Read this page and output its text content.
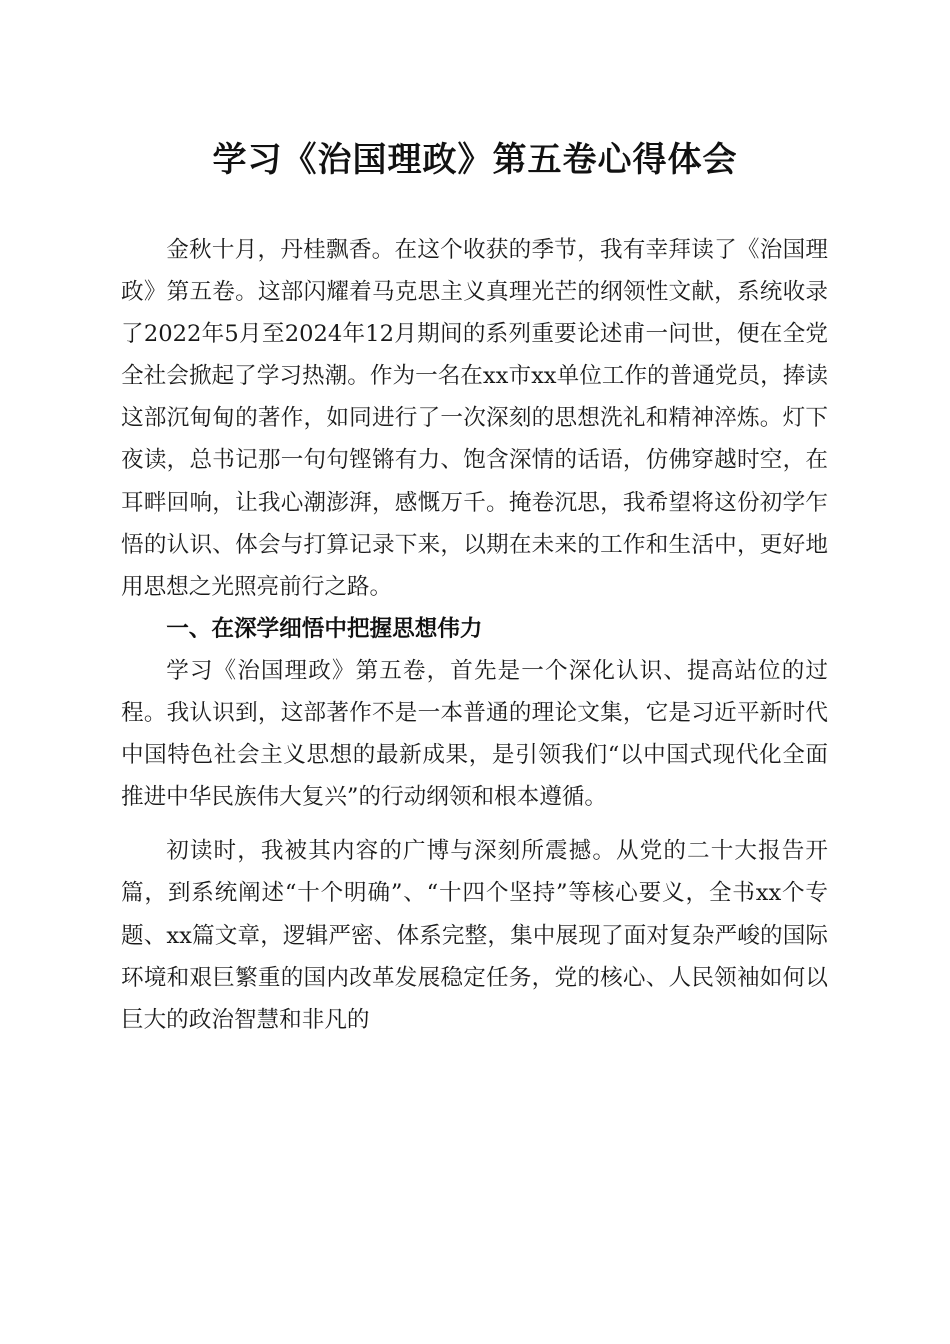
学习《治国理政》第五卷心得体会

金秋十月，丹桂飘香。在这个收获的季节，我有幸拜读了《治国理政》第五卷。这部闪耀着马克思主义真理光芒的纲领性文献，系统收录了2022年5月至2024年12月期间的系列重要论述甫一问世，便在全党全社会掀起了学习热潮。作为一名在xx市xx单位工作的普通党员，捧读这部沉甸甸的著作，如同进行了一次深刻的思想洗礼和精神淬炼。灯下夜读，总书记那一句句铿锵有力、饱含深情的话语，仿佛穿越时空，在耳畔回响，让我心潮澎湃，感慨万千。掩卷沉思，我希望将这份初学乍悟的认识、体会与打算记录下来，以期在未来的工作和生活中，更好地用思想之光照亮前行之路。

一、在深学细悟中把握思想伟力

学习《治国理政》第五卷，首先是一个深化认识、提高站位的过程。我认识到，这部著作不是一本普通的理论文集，它是习近平新时代中国特色社会主义思想的最新成果，是引领我们“以中国式现代化全面推进中华民族伟大复兴”的行动纲领和根本遵循。

初读时，我被其内容的广博与深刻所震撼。从党的二十大报告开篇，到系统阐述“十个明确”、“十四个坚持”等核心要义，全书xx个专题、xx篇文章，逻辑严密、体系完整，集中展现了面对复杂严峻的国际环境和艰巨繁重的国内改革发展稳定任务，党的核心、人民领袖如何以巨大的政治智慧和非凡的
